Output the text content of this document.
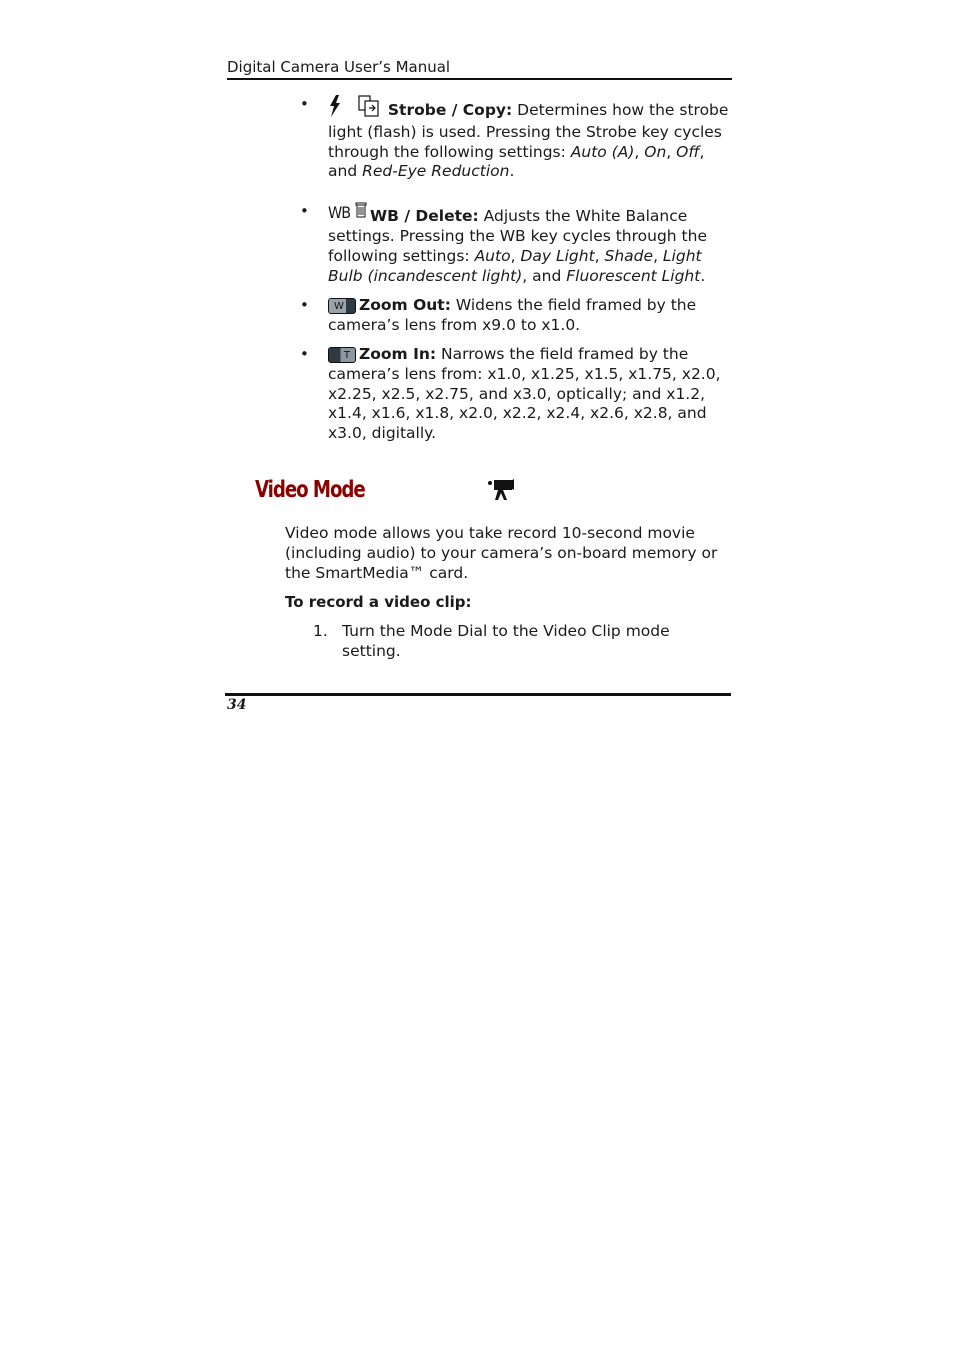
Digital Camera User’s Manual
•	Strobe / Copy: Determines how the strobe light (flash) is used. Pressing the Strobe key cycles through the following settings: Auto (A), On, Off, and Red-Eye Reduction.
• WB WB / Delete: Adjusts the White Balance settings. Pressing the WB key cycles through the following settings: Auto, Day Light, Shade, Light Bulb (incandescent light), and Fluorescent Light.
•	W Zoom Out: Widens the field framed by the camera’s lens from x9.0 to x1.0.
•	T Zoom In: Narrows the field framed by the camera’s lens from: x1.0, x1.25, x1.5, x1.75, x2.0, x2.25, x2.5, x2.75, and x3.0, optically; and x1.2, x1.4, x1.6, x1.8, x2.0, x2.2, x2.4, x2.6, x2.8, and x3.0, digitally.
Video Mode

Video mode allows you take record 10-second movie (including audio) to your camera’s on-board memory or the SmartMedia™ card.

To record a video clip:

1. Turn the Mode Dial to the Video Clip mode setting.
34
